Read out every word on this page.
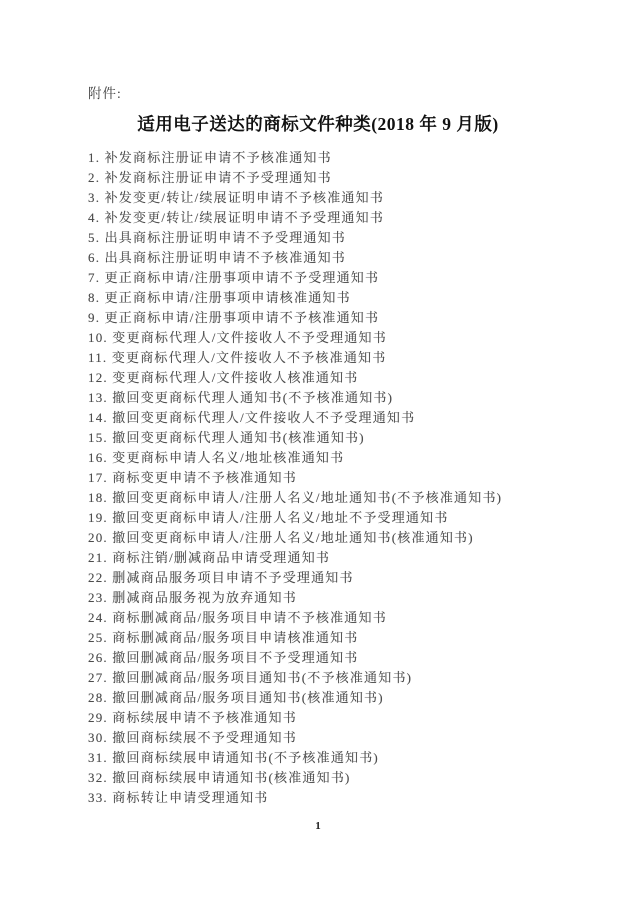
附件:
适用电子送达的商标文件种类(2018 年 9 月版)
1. 补发商标注册证申请不予核准通知书
2. 补发商标注册证申请不予受理通知书
3. 补发变更/转让/续展证明申请不予核准通知书
4. 补发变更/转让/续展证明申请不予受理通知书
5. 出具商标注册证明申请不予受理通知书
6. 出具商标注册证明申请不予核准通知书
7. 更正商标申请/注册事项申请不予受理通知书
8. 更正商标申请/注册事项申请核准通知书
9. 更正商标申请/注册事项申请不予核准通知书
10. 变更商标代理人/文件接收人不予受理通知书
11. 变更商标代理人/文件接收人不予核准通知书
12. 变更商标代理人/文件接收人核准通知书
13. 撤回变更商标代理人通知书(不予核准通知书)
14. 撤回变更商标代理人/文件接收人不予受理通知书
15. 撤回变更商标代理人通知书(核准通知书)
16. 变更商标申请人名义/地址核准通知书
17. 商标变更申请不予核准通知书
18. 撤回变更商标申请人/注册人名义/地址通知书(不予核准通知书)
19. 撤回变更商标申请人/注册人名义/地址不予受理通知书
20. 撤回变更商标申请人/注册人名义/地址通知书(核准通知书)
21. 商标注销/删减商品申请受理通知书
22. 删减商品服务项目申请不予受理通知书
23. 删减商品服务视为放弃通知书
24. 商标删减商品/服务项目申请不予核准通知书
25. 商标删减商品/服务项目申请核准通知书
26. 撤回删减商品/服务项目不予受理通知书
27. 撤回删减商品/服务项目通知书(不予核准通知书)
28. 撤回删减商品/服务项目通知书(核准通知书)
29. 商标续展申请不予核准通知书
30. 撤回商标续展不予受理通知书
31. 撤回商标续展申请通知书(不予核准通知书)
32. 撤回商标续展申请通知书(核准通知书)
33. 商标转让申请受理通知书
1
